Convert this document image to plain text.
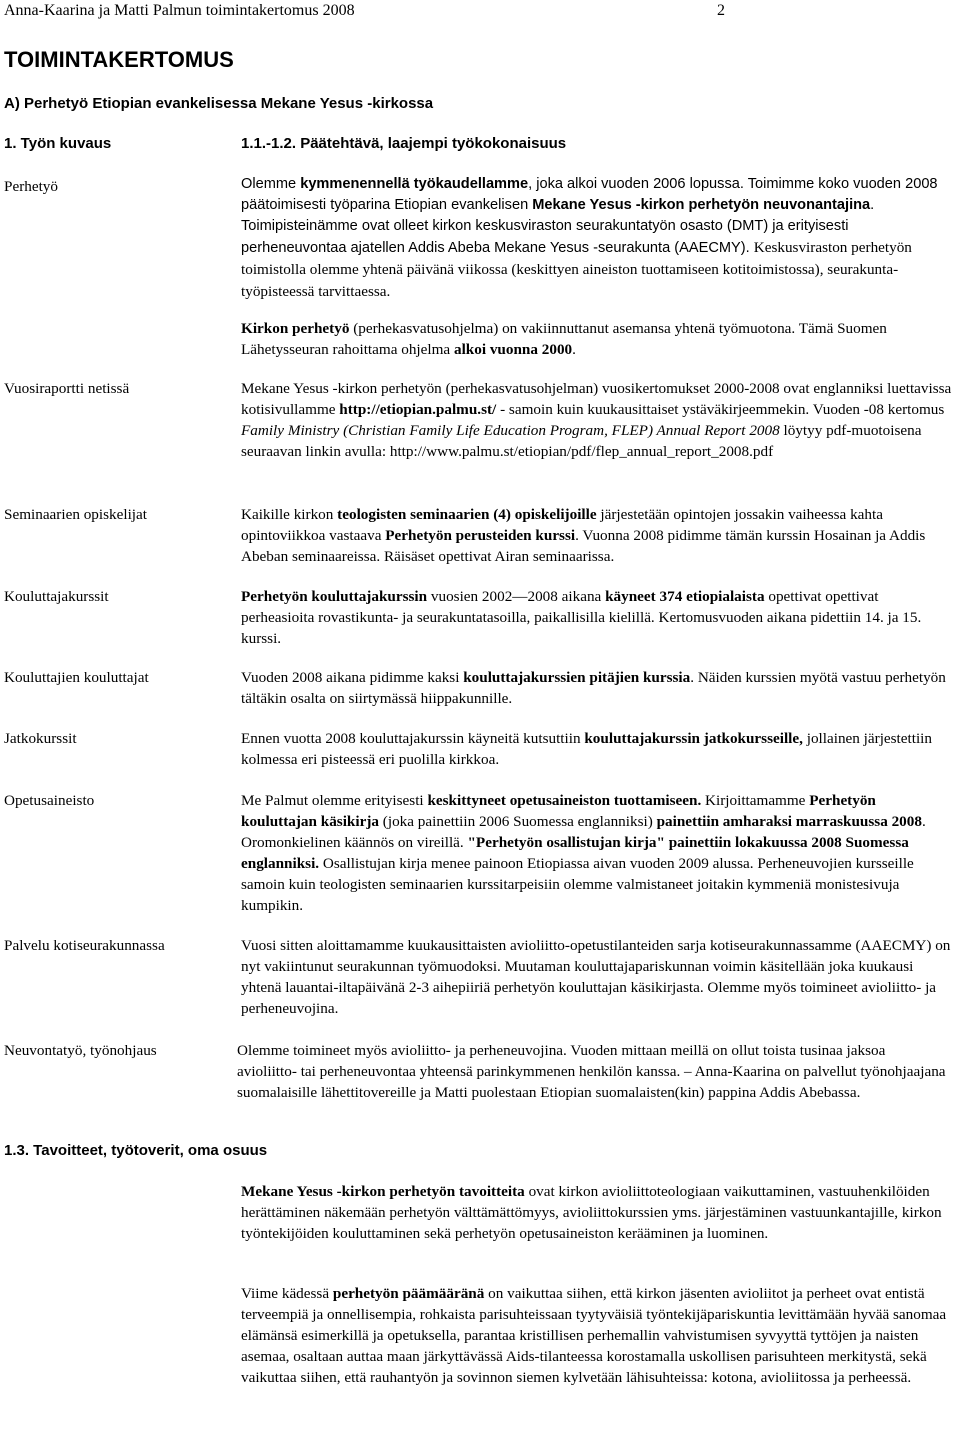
Anna-Kaarina ja Matti Palmun toimintakertomus 2008	2
TOIMINTAKERTOMUS
A) Perhetyö Etiopian evankelisessa Mekane Yesus -kirkossa
1. Työn kuvaus	1.1.-1.2. Päätehtävä, laajempi työkokonaisuus
Perhetyö
Vuosiraportti netissä
Seminaarien opiskelijat
Kouluttajakurssit
Kouluttajien kouluttajat
Jatkokurssit
Opetusaineisto
Palvelu kotiseurakunnassa
Neuvontatyö, työnohjaus
1.3. Tavoitteet, työtoverit, oma osuus

Olemme kymmenennellä työkaudellamme, joka alkoi vuoden 2006 lopussa. Toimimme koko vuoden 2008 päätoimisesti työparina Etiopian evankelisen Mekane Yesus -kirkon perhetyön neuvonantajina. Toimipisteinämme ovat olleet kirkon keskusviraston seurakuntatyön osasto (DMT) ja erityisesti perheneuvontaa ajatellen Addis Abeba Mekane Yesus -seurakunta (AAECMY). Keskusviraston perhetyön toimistolla olemme yhtenä päivänä viikossa (keskittyen aineiston tuottamiseen kotitoimistossa), seurakunta-työpisteessä tarvittaessa.

Kirkon perhetyö (perhekasvatusohjelma) on vakiinnuttanut asemansa yhtenä työmuotona. Tämä Suomen Lähetysseuran rahoittama ohjelma alkoi vuonna 2000.

Mekane Yesus -kirkon perhetyön (perhekasvatusohjelman) vuosikertomukset 2000-2008 ovat englanniksi luettavissa kotisivullamme http://etiopian.palmu.st/ - samoin kuin kuukausittaiset ystäväkirjeemmekin. Vuoden -08 kertomus Family Ministry (Christian Family Life Education Program, FLEP) Annual Report 2008 löytyy pdf-muotoisena seuraavan linkin avulla: http://www.palmu.st/etiopian/pdf/flep_annual_report_2008.pdf

Kaikille kirkon teologisten seminaarien (4) opiskelijoille järjestetään opintojen jossakin vaiheessa kahta opintoviikkoa vastaava Perhetyön perusteiden kurssi. Vuonna 2008 pidimme tämän kurssin Hosainan ja Addis Abeban seminaareissa. Räisäset opettivat Airan seminaarissa.

Perhetyön kouluttajakurssin vuosien 2002—2008 aikana käyneet 374 etiopialaista opettivat opettivat perheasioita rovastikunta- ja seurakuntatasoilla, paikallisilla kielillä. Kertomusvuoden aikana pidettiin 14. ja 15. kurssi.

Vuoden 2008 aikana pidimme kaksi kouluttajakurssien pitäjien kurssia. Näiden kurssien myötä vastuu perhetyön tältäkin osalta on siirtymässä hiippakunnille.

Ennen vuotta 2008 kouluttajakurssin käyneitä kutsuttiin kouluttajakurssin jatkokursseille, jollainen järjestettiin kolmessa eri pisteessä eri puolilla kirkkoa.

Me Palmut olemme erityisesti keskittyneet opetusaineiston tuottamiseen. Kirjoittamamme Perhetyön kouluttajan käsikirja (joka painettiin 2006 Suomessa englanniksi) painettiin amharaksi marraskuussa 2008. Oromonkielinen käännös on vireillä. "Perhetyön osallistujan kirja" painettiin lokakuussa 2008 Suomessa englanniksi. Osallistujan kirja menee painoon Etiopiassa aivan vuoden 2009 alussa. Perheneuvojien kursseille samoin kuin teologisten seminaarien kurssitarpeisiin olemme valmistaneet joitakin kymmeniä monistesivuja kumpikin.

Vuosi sitten aloittamamme kuukausittaisten avioliitto-opetustilanteiden sarja kotiseurakunnassamme (AAECMY) on nyt vakiintunut seurakunnan työmuodoksi. Muutaman kouluttajapariskunnan voimin käsitellään joka kuukausi yhtenä lauantai-iltapäivänä 2-3 aihepiiriä perhetyön kouluttajan käsikirjasta. Olemme myös toimineet avioliitto- ja perheneuvojina.

Olemme toimineet myös avioliitto- ja perheneuvojina. Vuoden mittaan meillä on ollut toista tusinaa jaksoa avioliitto- tai perheneuvontaa yhteensä parinkymmenen henkilön kanssa. – Anna-Kaarina on palvellut työnohjaajana suomalaisille lähettitovereille ja Matti puolestaan Etiopian suomalaisten(kin) pappina Addis Abebassa.

Mekane Yesus -kirkon perhetyön tavoitteita ovat kirkon avioliittoteologiaan vaikuttaminen, vastuuhenkilöiden herättäminen näkemään perhetyön välttämättömyys, avioliittokurssien yms. järjestäminen vastuunkantajille, kirkon työntekijöiden kouluttaminen sekä perhetyön opetusaineiston kerääminen ja luominen.

Viime kädessä perhetyön päämääränä on vaikuttaa siihen, että kirkon jäsenten avioliitot ja perheet ovat entistä terveempiä ja onnellisempia, rohkaista parisuhteissaan tyytyväisiä työntekijäpariskuntia levittämään hyvää sanomaa elämänsä esimerkillä ja opetuksella, parantaa kristillisen perhemallin vahvistumisen syvyyttä tyttöjen ja naisten asemaa, osaltaan auttaa maan järkyttävässä Aids-tilanteessa korostamalla uskollisen parisuhteen merkitystä, sekä vaikuttaa siihen, että rauhantyön ja sovinnon siemen kylvetään lähisuhteissa: kotona, avioliitossa ja perheessä.
